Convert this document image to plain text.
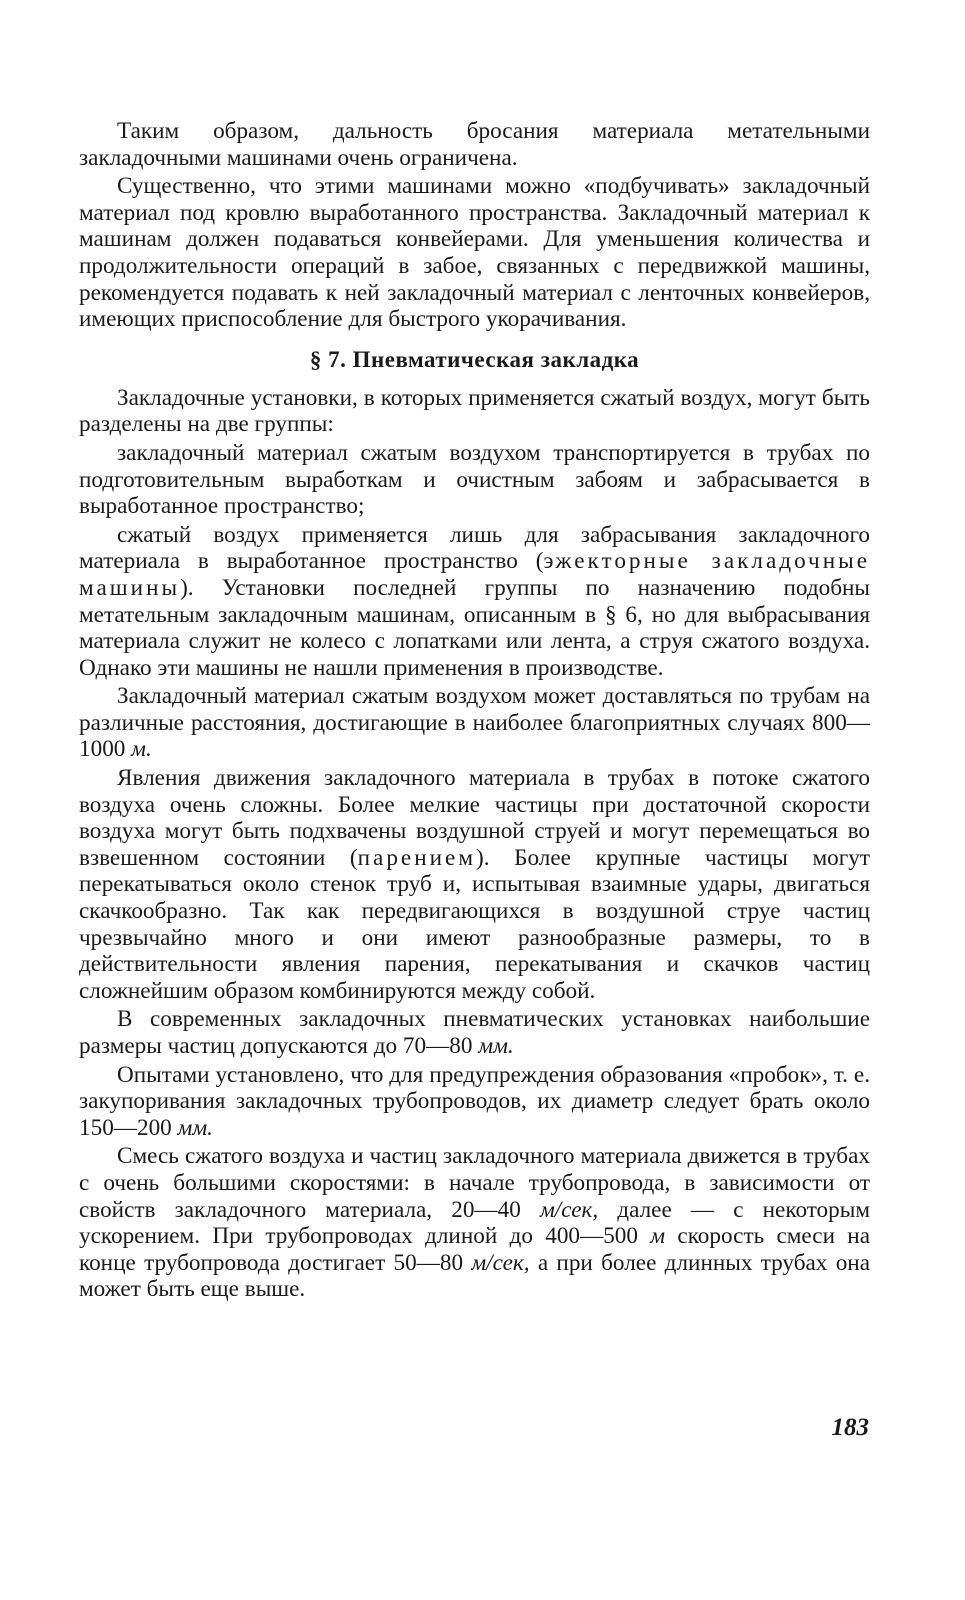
Таким образом, дальность бросания материала метательными закладочными машинами очень ограничена.

Существенно, что этими машинами можно «подбучивать» закладочный материал под кровлю выработанного пространства. Закладочный материал к машинам должен подаваться конвейерами. Для уменьшения количества и продолжительности операций в забое, связанных с передвижкой машины, рекомендуется подавать к ней закладочный материал с ленточных конвейеров, имеющих приспособление для быстрого укорачивания.

§ 7. Пневматическая закладка

Закладочные установки, в которых применяется сжатый воздух, могут быть разделены на две группы:

закладочный материал сжатым воздухом транспортируется в трубах по подготовительным выработкам и очистным забоям и забрасывается в выработанное пространство;

сжатый воздух применяется лишь для забрасывания закладочного материала в выработанное пространство (эжекторные закладочные машины). Установки последней группы по назначению подобны метательным закладочным машинам, описанным в § 6, но для выбрасывания материала служит не колесо с лопатками или лента, а струя сжатого воздуха. Однако эти машины не нашли применения в производстве.

Закладочный материал сжатым воздухом может доставляться по трубам на различные расстояния, достигающие в наиболее благоприятных случаях 800—1000 м.

Явления движения закладочного материала в трубах в потоке сжатого воздуха очень сложны. Более мелкие частицы при достаточной скорости воздуха могут быть подхвачены воздушной струей и могут перемещаться во взвешенном состоянии (парением). Более крупные частицы могут перекатываться около стенок труб и, испытывая взаимные удары, двигаться скачкообразно. Так как передвигающихся в воздушной струе частиц чрезвычайно много и они имеют разнообразные размеры, то в действительности явления парения, перекатывания и скачков частиц сложнейшим образом комбинируются между собой.

В современных закладочных пневматических установках наибольшие размеры частиц допускаются до 70—80 мм.

Опытами установлено, что для предупреждения образования «пробок», т. е. закупоривания закладочных трубопроводов, их диаметр следует брать около 150—200 мм.

Смесь сжатого воздуха и частиц закладочного материала движется в трубах с очень большими скоростями: в начале трубопровода, в зависимости от свойств закладочного материала, 20—40 м/сек, далее — с некоторым ускорением. При трубопроводах длиной до 400—500 м скорость смеси на конце трубопровода достигает 50—80 м/сек, а при более длинных трубах она может быть еще выше.

183
